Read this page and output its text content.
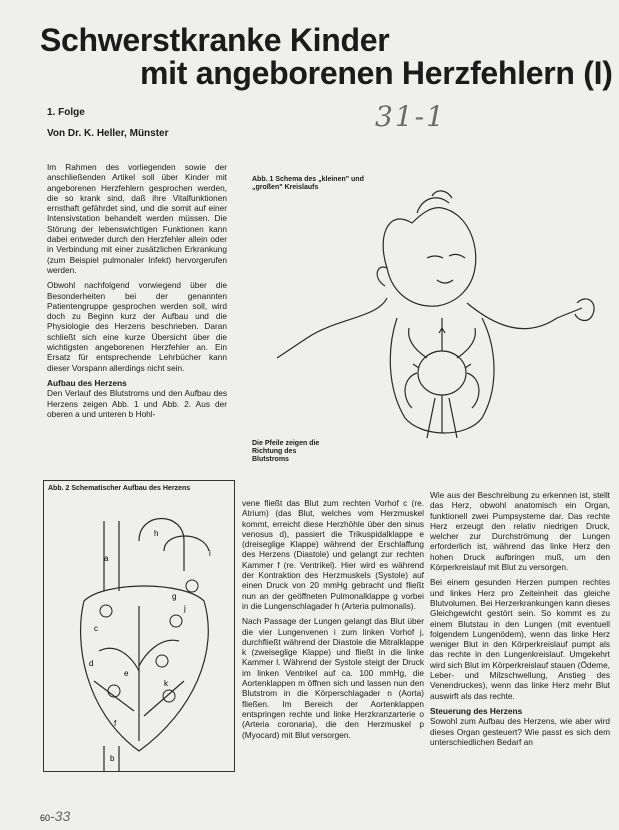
Schwerstkranke Kinder
mit angeborenen Herzfehlern (I)
1. Folge
Von Dr. K. Heller, Münster
31-1

Im Rahmen des vorliegenden sowie der anschließenden Artikel soll über Kinder mit angeborenen Herzfehlern gesprochen werden, die so krank sind, daß ihre Vitalfunktionen ernsthaft gefährdet sind, und die somit auf einer Intensivstation behandelt werden müssen. Die Störung der lebenswichtigen Funktionen kann dabei entweder durch den Herzfehler allein oder in Verbindung mit einer zusätzlichen Erkrankung (zum Beispiel pulmonaler Infekt) hervorgerufen werden.

Obwohl nachfolgend vorwiegend über die Besonderheiten bei der genannten Patientengruppe gesprochen werden soll, wird doch zu Beginn kurz der Aufbau und die Physiologie des Herzens beschrieben. Daran schließt sich eine kurze Übersicht über die wichtigsten angeborenen Herzfehler an. Ein Ersatz für entsprechende Lehrbücher kann dieser Vorspann allerdings nicht sein.

Aufbau des Herzens

Den Verlauf des Blutstroms und den Aufbau des Herzens zeigen Abb. 1 und Abb. 2. Aus der oberen a und unteren b Hohl-

Abb. 1 Schema des „kleinen" und „großen" Kreislaufs
Die Pfeile zeigen die Richtung des Blutstroms
Abb. 2 Schematischer Aufbau des Herzens
a
b
c
d
e
f
g
h
i
j
k

vene fließt das Blut zum rechten Vorhof c (re. Atrium) (das Blut, welches vom Herzmuskel kommt, erreicht diese Herzhöhle über den sinus venosus d), passiert die Trikuspidalklappe e (dreiseglige Klappe) während der Erschlaffung des Herzens (Diastole) und gelangt zur rechten Kammer f (re. Ventrikel). Hier wird es während der Kontraktion des Herzmuskels (Systole) auf einen Druck von 20 mmHg gebracht und fließt nun an der geöffneten Pulmonalklappe g vorbei in die Lungenschlagader h (Arteria pulmonalis).

Nach Passage der Lungen gelangt das Blut über die vier Lungenvenen i zum linken Vorhof j, durchfließt während der Diastole die Mitralklappe k (zweiseglige Klappe) und fließt in die linke Kammer l. Während der Systole steigt der Druck im linken Ventrikel auf ca. 100 mmHg, die Aortenklappen m öffnen sich und lassen nun den Blutstrom in die Körperschlagader n (Aorta) fließen. Im Bereich der Aortenklappen entspringen rechte und linke Herzkranzarterie o (Arteria coronaria), die den Herzmuskel p (Myocard) mit Blut versorgen.

Wie aus der Beschreibung zu erkennen ist, stellt das Herz, obwohl anatomisch ein Organ, funktionell zwei Pumpsysteme dar. Das rechte Herz erzeugt den relativ niedrigen Druck, welcher zur Durchströmung der Lungen erforderlich ist, während das linke Herz den hohen Druck aufbringen muß, um den Körperkreislauf mit Blut zu versorgen.

Bei einem gesunden Herzen pumpen rechtes und linkes Herz pro Zeiteinheit das gleiche Blutvolumen. Bei Herzerkrankungen kann dieses Gleichgewicht gestört sein. So kommt es zu einem Blutstau in den Lungen (mit eventuell folgendem Lungenödem), wenn das linke Herz weniger Blut in den Körperkreislauf pumpt als das rechte in den Lungenkreislauf. Umgekehrt wird sich Blut im Körperkreislauf stauen (Ödeme, Leber- und Milzschwellung, Anstieg des Venendruckes), wenn das linke Herz mehr Blut auswirft als das rechte.

Steuerung des Herzens

Sowohl zum Aufbau des Herzens, wie aber wird dieses Organ gesteuert? Wie passt es sich dem unterschiedlichen Bedarf an

60-33
